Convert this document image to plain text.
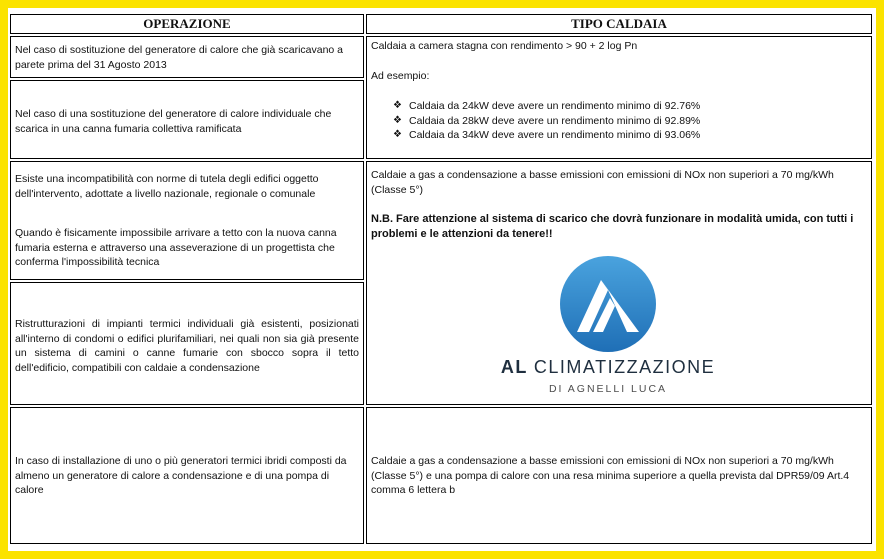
OPERAZIONE	TIPO CALDAIA
Nel caso di sostituzione del generatore di calore che già scaricavano a parete prima del 31 Agosto 2013
Nel caso di una sostituzione del generatore di calore individuale che scarica in una canna fumaria collettiva ramificata
Esiste una incompatibilità con norme di tutela degli edifici oggetto dell'intervento, adottate a livello nazionale, regionale o comunale
Quando è fisicamente impossibile arrivare a tetto con la nuova canna fumaria esterna e attraverso una asseverazione di un progettista che conferma l'impossibilità tecnica
Ristrutturazioni di impianti termici individuali già esistenti, posizionati all'interno di condomi o edifici plurifamiliari, nei quali non sia già presente un sistema di camini o canne fumarie con sbocco sopra il tetto dell'edificio, compatibili con caldaie a condensazione
In caso di installazione di uno o più generatori termici ibridi composti da almeno un generatore di calore a condensazione e di una pompa di calore
Caldaia a camera stagna con rendimento > 90 + 2 log Pn
Ad esempio:
❖ Caldaia da 24kW deve avere un rendimento minimo di 92.76%
❖ Caldaia da 28kW deve avere un rendimento minimo di 92.89%
❖ Caldaia da 34kW deve avere un rendimento minimo di 93.06%
Caldaie a gas a condensazione a basse emissioni con emissioni di NOx non superiori a 70 mg/kWh (Classe 5°)
N.B. Fare attenzione al sistema di scarico che dovrà funzionare in modalità umida, con tutti i problemi e le attenzioni da tenere!!
AL CLIMATIZZAZIONE
DI AGNELLI LUCA
Caldaie a gas a condensazione a basse emissioni con emissioni di NOx non superiori a 70 mg/kWh (Classe 5°) e una pompa di calore con una resa minima superiore a quella prevista dal DPR59/09 Art.4 comma 6 lettera b
